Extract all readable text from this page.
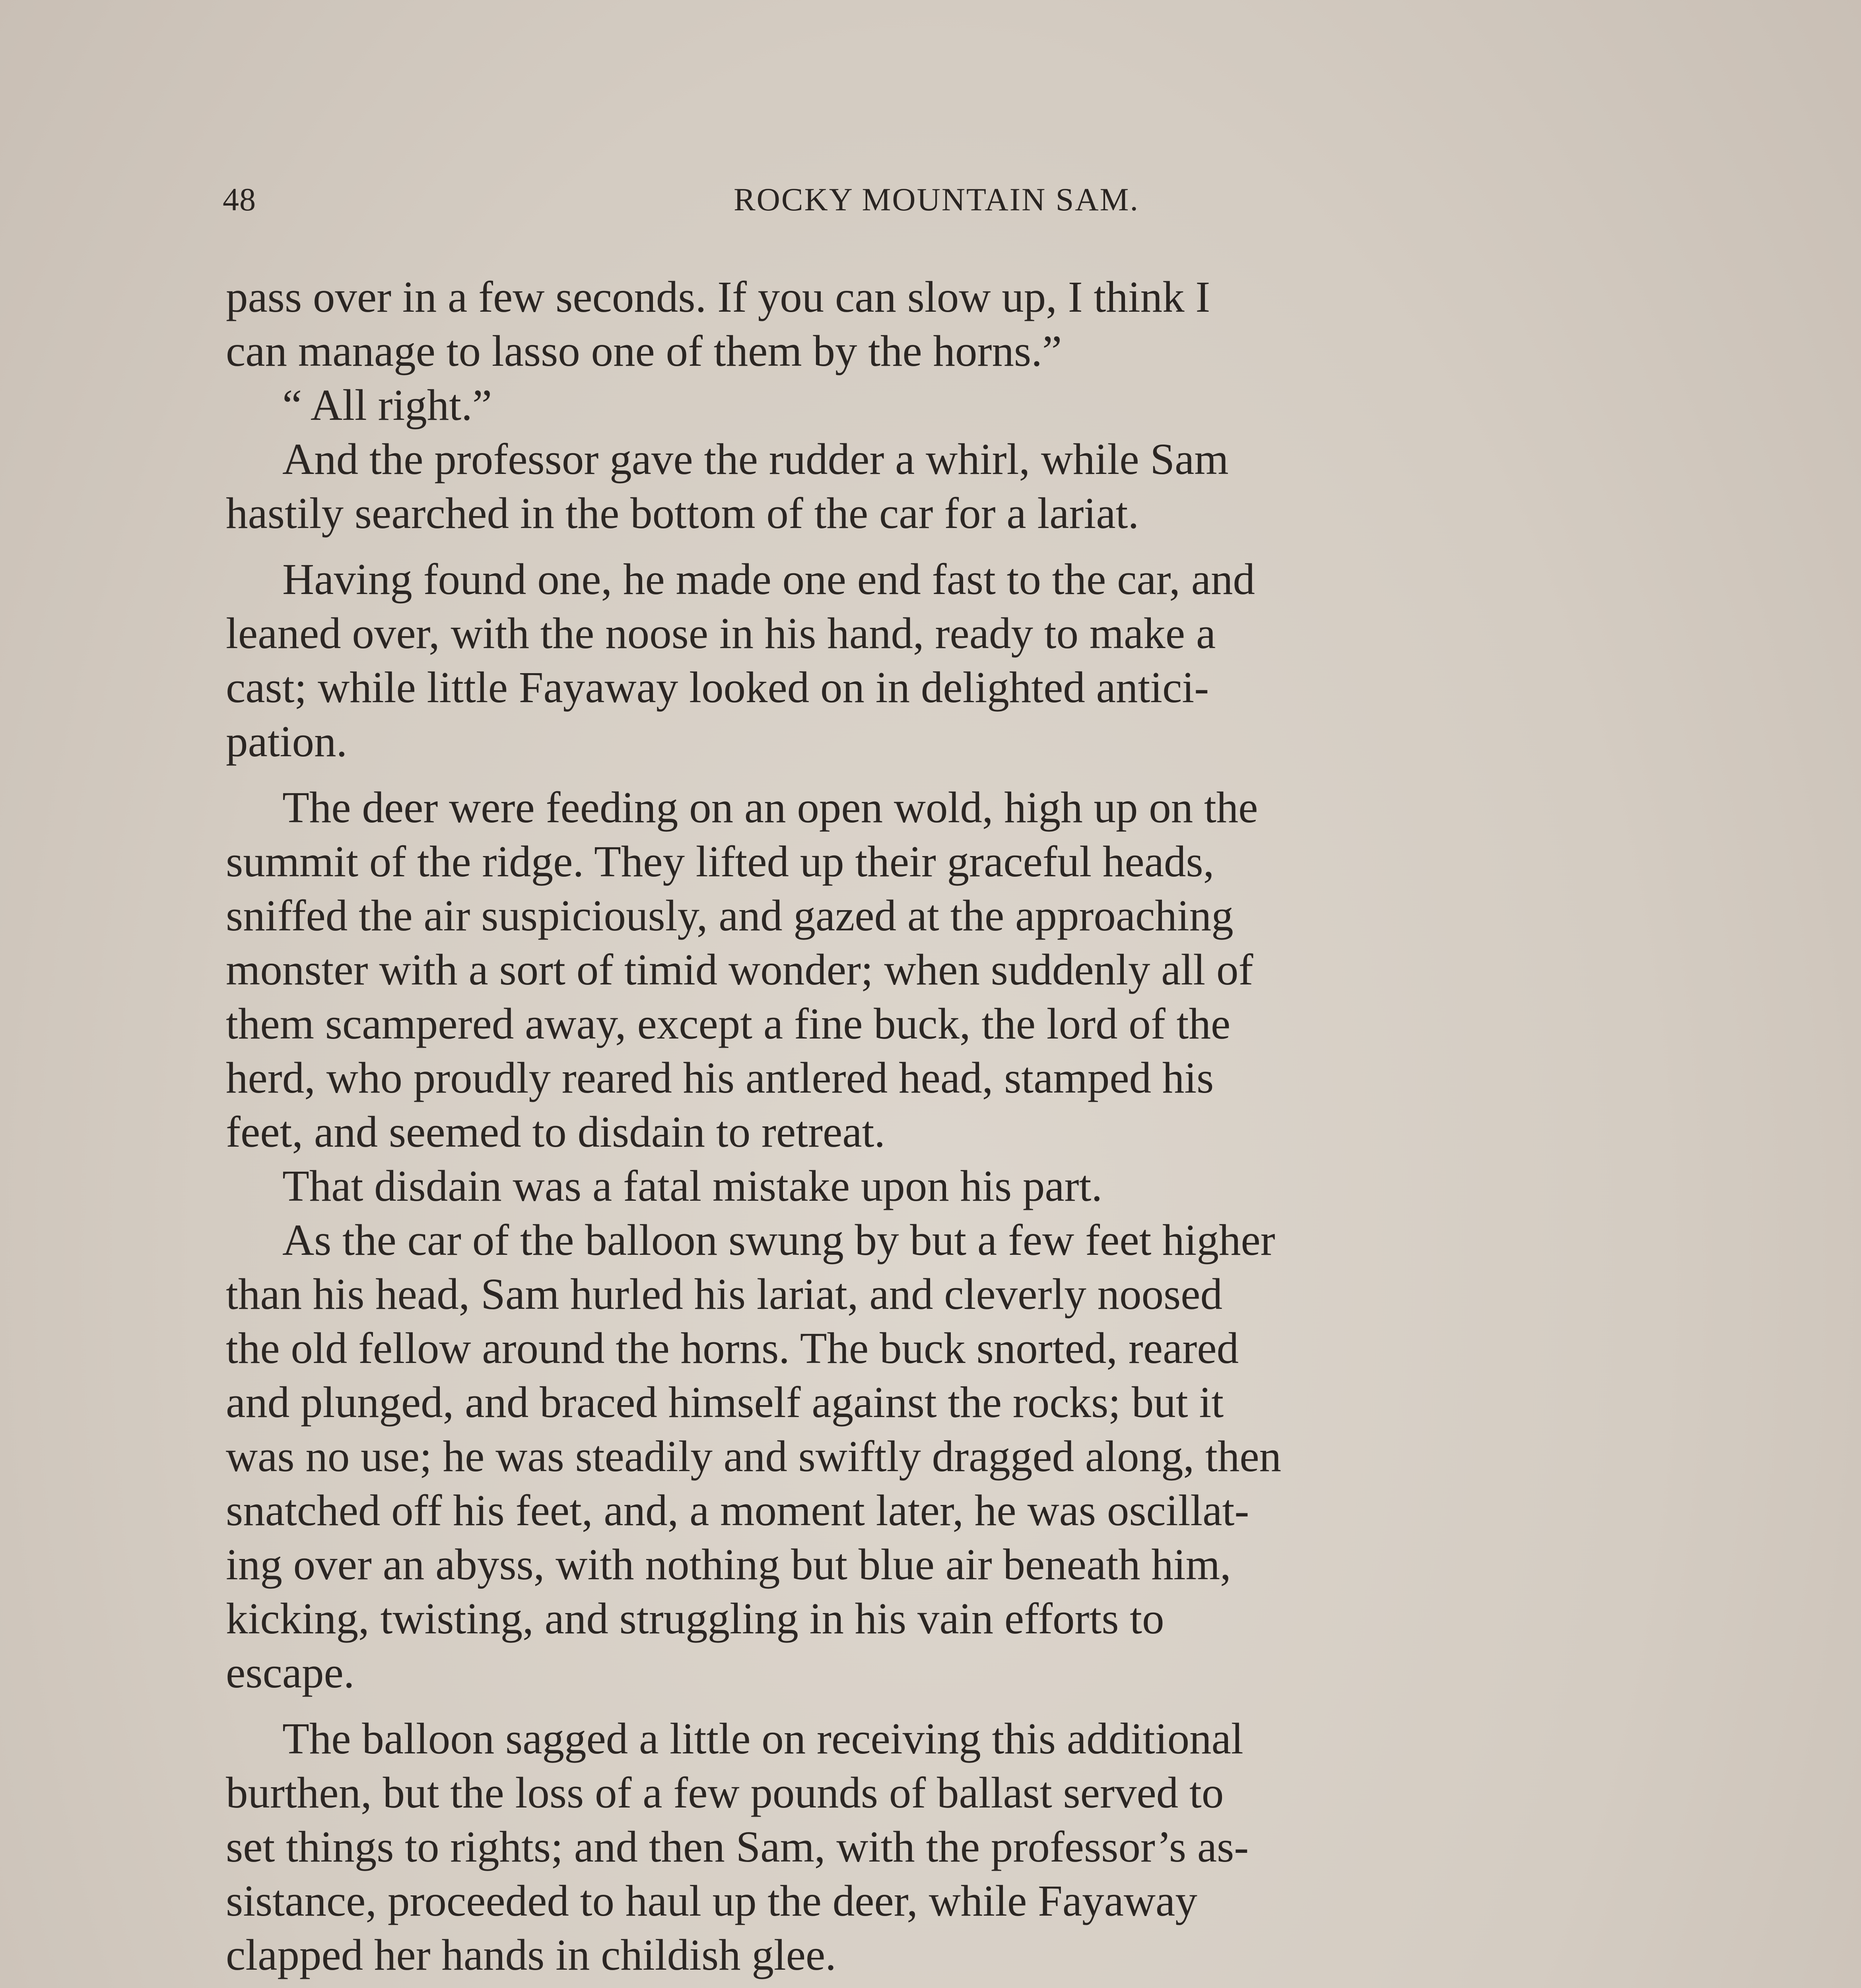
48	ROCKY MOUNTAIN SAM.

pass over in a few seconds. If you can slow up, I think I
can manage to lasso one of them by the horns.”

“ All right.”

And the professor gave the rudder a whirl, while Sam
hastily searched in the bottom of the car for a lariat.

Having found one, he made one end fast to the car, and
leaned over, with the noose in his hand, ready to make a
cast; while little Fayaway looked on in delighted antici-
pation.

The deer were feeding on an open wold, high up on the
summit of the ridge. They lifted up their graceful heads,
sniffed the air suspiciously, and gazed at the approaching
monster with a sort of timid wonder; when suddenly all of
them scampered away, except a fine buck, the lord of the
herd, who proudly reared his antlered head, stamped his
feet, and seemed to disdain to retreat.

That disdain was a fatal mistake upon his part.

As the car of the balloon swung by but a few feet higher
than his head, Sam hurled his lariat, and cleverly noosed
the old fellow around the horns. The buck snorted, reared
and plunged, and braced himself against the rocks; but it
was no use; he was steadily and swiftly dragged along, then
snatched off his feet, and, a moment later, he was oscillat-
ing over an abyss, with nothing but blue air beneath him,
kicking, twisting, and struggling in his vain efforts to
escape.

The balloon sagged a little on receiving this additional
burthen, but the loss of a few pounds of ballast served to
set things to rights; and then Sam, with the professor’s as-
sistance, proceeded to haul up the deer, while Fayaway
clapped her hands in childish glee.
